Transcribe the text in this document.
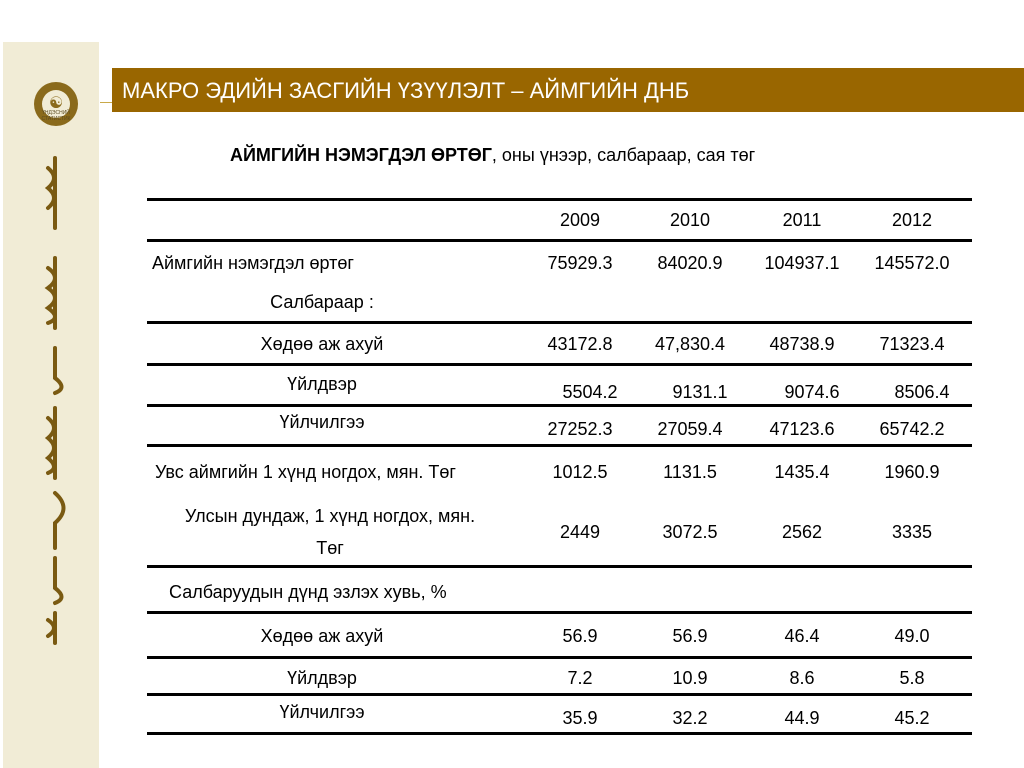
☯
ҮНДЭСНИЙ СТАТИСТИК
МАКРО ЭДИЙН ЗАСГИЙН ҮЗҮҮЛЭЛТ – АЙМГИЙН ДНБ
АЙМГИЙН НЭМЭГДЭЛ ӨРТӨГ, оны үнээр, салбараар, сая төг
2009	2010	2011	2012
Аймгийн нэмэгдэл өртөг	75929.3	84020.9	104937.1	145572.0
Салбараар :
Хөдөө аж ахуй	43172.8	47,830.4	48738.9	71323.4
Үйлдвэр	5504.2	9131.1	9074.6	8506.4
Үйлчилгээ	27252.3	27059.4	47123.6	65742.2
Увс аймгийн 1 хүнд ногдох, мян. Төг	1012.5	1131.5	1435.4	1960.9
Улсын дундаж, 1 хүнд ногдох, мян.
Төг
2449	3072.5	2562	3335
Салбаруудын дүнд эзлэх хувь, %
Хөдөө аж ахуй	56.9	56.9	46.4	49.0
Үйлдвэр	7.2	10.9	8.6	5.8
Үйлчилгээ	35.9	32.2	44.9	45.2
